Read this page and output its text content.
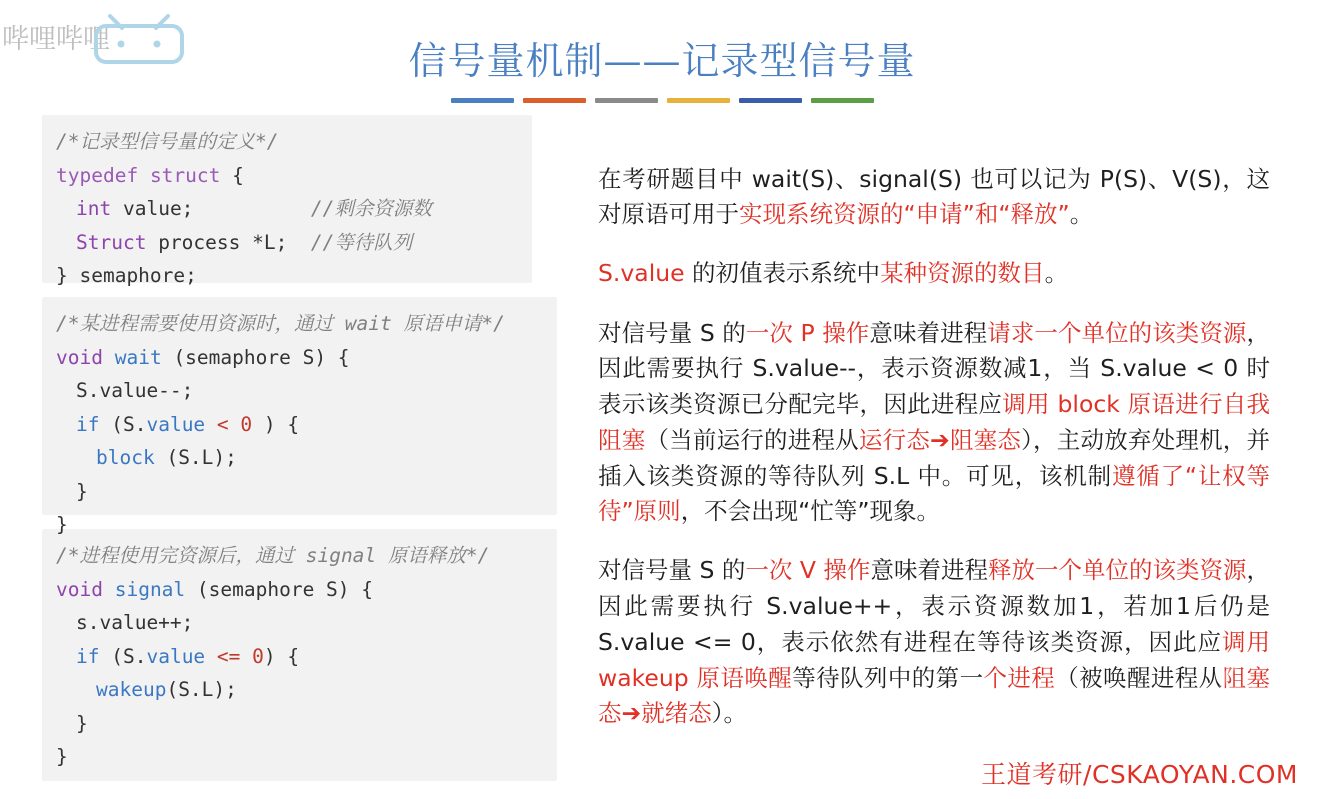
哔哩哔哩	信号量机制——记录型信号量
/*记录型信号量的定义*/
typedef struct {
int value;	//剩余资源数
Struct process *L; //等待队列
} semaphore;
/*某进程需要使用资源时，通过 wait 原语申请*/
void wait (semaphore S) {
S.value--;
if (S.value < 0 ) {
block (S.L);
}
}
/*进程使用完资源后，通过 signal 原语释放*/
void signal (semaphore S) {
s.value++;
if (S.value <= 0) {
wakeup(S.L);
}
}

在考研题目中 wait(S)、signal(S) 也可以记为 P(S)、V(S)，这对原语可用于实现系统资源的“申请”和“释放”。

S.value 的初值表示系统中某种资源的数目。

对信号量 S 的一次 P 操作意味着进程请求一个单位的该类资源，因此需要执行 S.value--，表示资源数减1，当 S.value < 0 时表示该类资源已分配完毕，因此进程应调用 block 原语进行自我阻塞（当前运行的进程从运行态➔阻塞态），主动放弃处理机，并插入该类资源的等待队列 S.L 中。可见，该机制遵循了“让权等待”原则，不会出现“忙等”现象。

对信号量 S 的一次 V 操作意味着进程释放一个单位的该类资源，因此需要执行 S.value++，表示资源数加1，若加1后仍是 S.value <= 0，表示依然有进程在等待该类资源，因此应调用 wakeup 原语唤醒等待队列中的第一个进程（被唤醒进程从阻塞态➔就绪态）。

王道考研/CSKAOYAN.COM
